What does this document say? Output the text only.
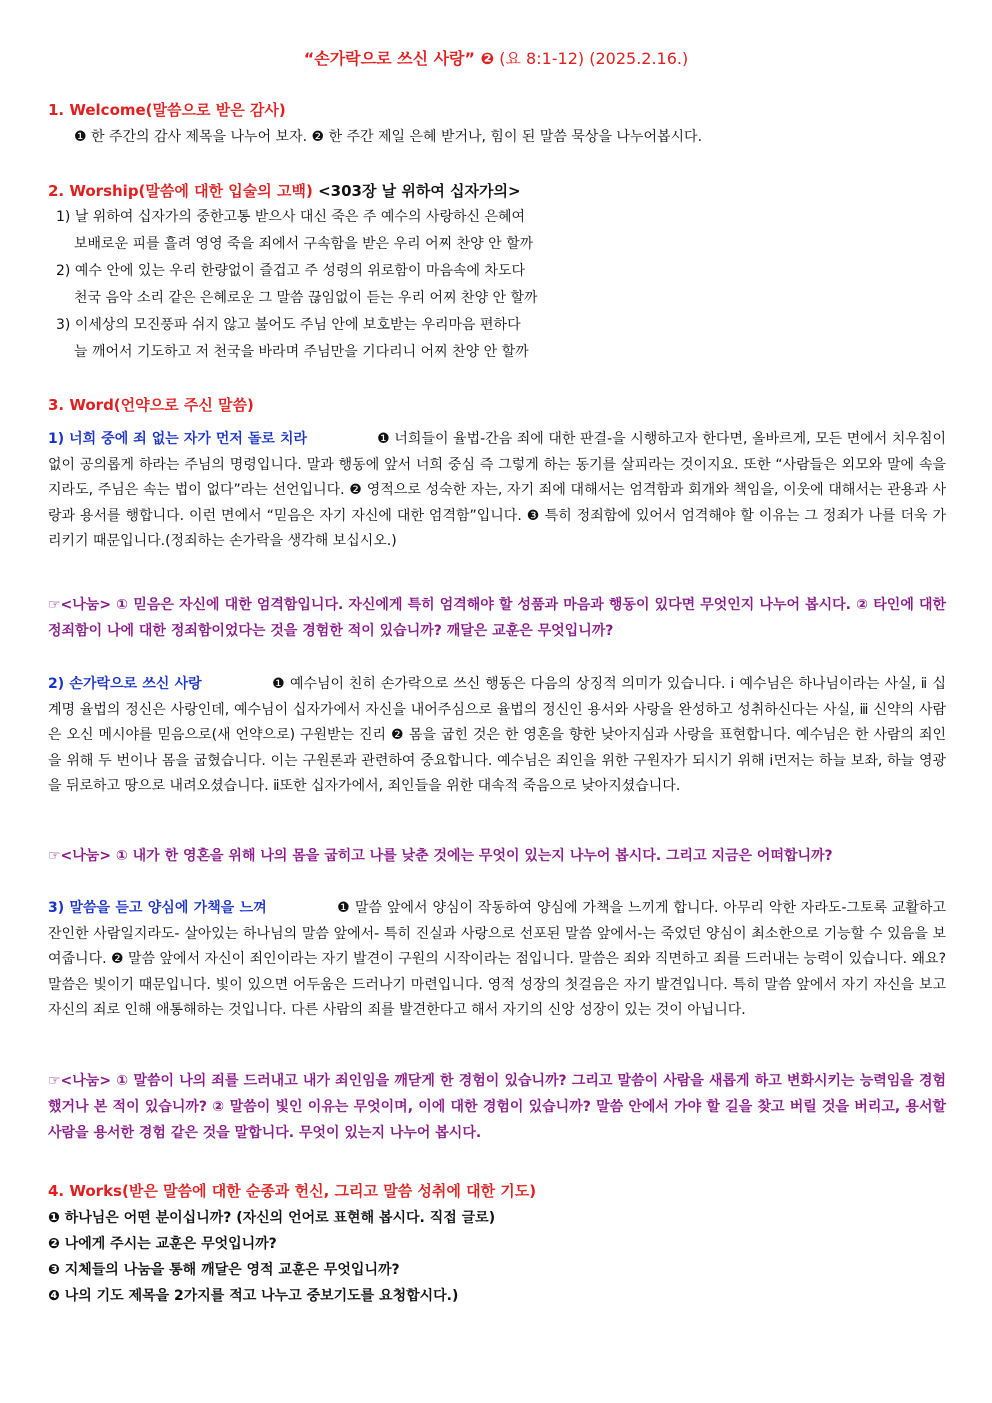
“손가락으로 쓰신 사랑” ❷ (요 8:1-12) (2025.2.16.)
1. Welcome(말씀으로 받은 감사)
❶ 한 주간의 감사 제목을 나누어 보자. ❷ 한 주간 제일 은혜 받거나, 힘이 된 말씀 묵상을 나누어봅시다.
2. Worship(말씀에 대한 입술의 고백) <303장 날 위하여 십자가의>
1) 날 위하여 십자가의 중한고통 받으사 대신 죽은 주 예수의 사랑하신 은혜여
보배로운 피를 흘려 영영 죽을 죄에서 구속함을 받은 우리 어찌 찬양 안 할까
2) 예수 안에 있는 우리 한량없이 즐겁고 주 성령의 위로함이 마음속에 차도다
천국 음악 소리 같은 은혜로운 그 말씀 끊임없이 듣는 우리 어찌 찬양 안 할까
3) 이세상의 모진풍파 쉬지 않고 불어도 주님 안에 보호받는 우리마음 편하다
늘 깨어서 기도하고 저 천국을 바라며 주님만을 기다리니 어찌 찬양 안 할까
3. Word(언약으로 주신 말씀)

1) 너희 중에 죄 없는 자가 먼저 돌로 치라	❶ 너희들이 율법-간음 죄에 대한 판결-을 시행하고자 한다면, 올바르게, 모든 면에서 치우침이 없이 공의롭게 하라는 주님의 명령입니다. 말과 행동에 앞서 너희 중심 즉 그렇게 하는 동기를 살피라는 것이지요. 또한 “사람들은 외모와 말에 속을지라도, 주님은 속는 법이 없다”라는 선언입니다. ❷ 영적으로 성숙한 자는, 자기 죄에 대해서는 엄격함과 회개와 책임을, 이웃에 대해서는 관용과 사랑과 용서를 행합니다. 이런 면에서 “믿음은 자기 자신에 대한 엄격함”입니다. ❸ 특히 정죄함에 있어서 엄격해야 할 이유는 그 정죄가 나를 더욱 가리키기 때문입니다.(정죄하는 손가락을 생각해 보십시오.)

☞<나눔> ① 믿음은 자신에 대한 엄격함입니다. 자신에게 특히 엄격해야 할 성품과 마음과 행동이 있다면 무엇인지 나누어 봅시다. ② 타인에 대한 정죄함이 나에 대한 정죄함이었다는 것을 경험한 적이 있습니까? 깨달은 교훈은 무엇입니까?

2) 손가락으로 쓰신 사랑	❶ 예수님이 친히 손가락으로 쓰신 행동은 다음의 상징적 의미가 있습니다. ⅰ 예수님은 하나님이라는 사실, ⅱ 십계명 율법의 정신은 사랑인데, 예수님이 십자가에서 자신을 내어주심으로 율법의 정신인 용서와 사랑을 완성하고 성취하신다는 사실, ⅲ 신약의 사람은 오신 메시야를 믿음으로(새 언약으로) 구원받는 진리 ❷ 몸을 굽힌 것은 한 영혼을 향한 낮아지심과 사랑을 표현합니다. 예수님은 한 사람의 죄인을 위해 두 번이나 몸을 굽혔습니다. 이는 구원론과 관련하여 중요합니다. 예수님은 죄인을 위한 구원자가 되시기 위해 ⅰ먼저는 하늘 보좌, 하늘 영광을 뒤로하고 땅으로 내려오셨습니다. ⅱ또한 십자가에서, 죄인들을 위한 대속적 죽음으로 낮아지셨습니다.

☞<나눔> ① 내가 한 영혼을 위해 나의 몸을 굽히고 나를 낮춘 것에는 무엇이 있는지 나누어 봅시다. 그리고 지금은 어떠합니까?

3) 말씀을 듣고 양심에 가책을 느껴	❶ 말씀 앞에서 양심이 작동하여 양심에 가책을 느끼게 합니다. 아무리 악한 자라도-그토록 교활하고 잔인한 사람일지라도- 살아있는 하나님의 말씀 앞에서- 특히 진실과 사랑으로 선포된 말씀 앞에서-는 죽었던 양심이 최소한으로 기능할 수 있음을 보여줍니다. ❷ 말씀 앞에서 자신이 죄인이라는 자기 발견이 구원의 시작이라는 점입니다. 말씀은 죄와 직면하고 죄를 드러내는 능력이 있습니다. 왜요? 말씀은 빛이기 때문입니다. 빛이 있으면 어두움은 드러나기 마련입니다. 영적 성장의 첫걸음은 자기 발견입니다. 특히 말씀 앞에서 자기 자신을 보고 자신의 죄로 인해 애통해하는 것입니다. 다른 사람의 죄를 발견한다고 해서 자기의 신앙 성장이 있는 것이 아닙니다.

☞<나눔> ① 말씀이 나의 죄를 드러내고 내가 죄인임을 깨닫게 한 경험이 있습니까? 그리고 말씀이 사람을 새롭게 하고 변화시키는 능력임을 경험했거나 본 적이 있습니까? ② 말씀이 빛인 이유는 무엇이며, 이에 대한 경험이 있습니까? 말씀 안에서 가야 할 길을 찾고 버릴 것을 버리고, 용서할 사람을 용서한 경험 같은 것을 말합니다. 무엇이 있는지 나누어 봅시다.

4. Works(받은 말씀에 대한 순종과 헌신, 그리고 말씀 성취에 대한 기도)
❶ 하나님은 어떤 분이십니까? (자신의 언어로 표현해 봅시다. 직접 글로)
❷ 나에게 주시는 교훈은 무엇입니까?
❸ 지체들의 나눔을 통해 깨달은 영적 교훈은 무엇입니까?
❹ 나의 기도 제목을 2가지를 적고 나누고 중보기도를 요청합시다.)
